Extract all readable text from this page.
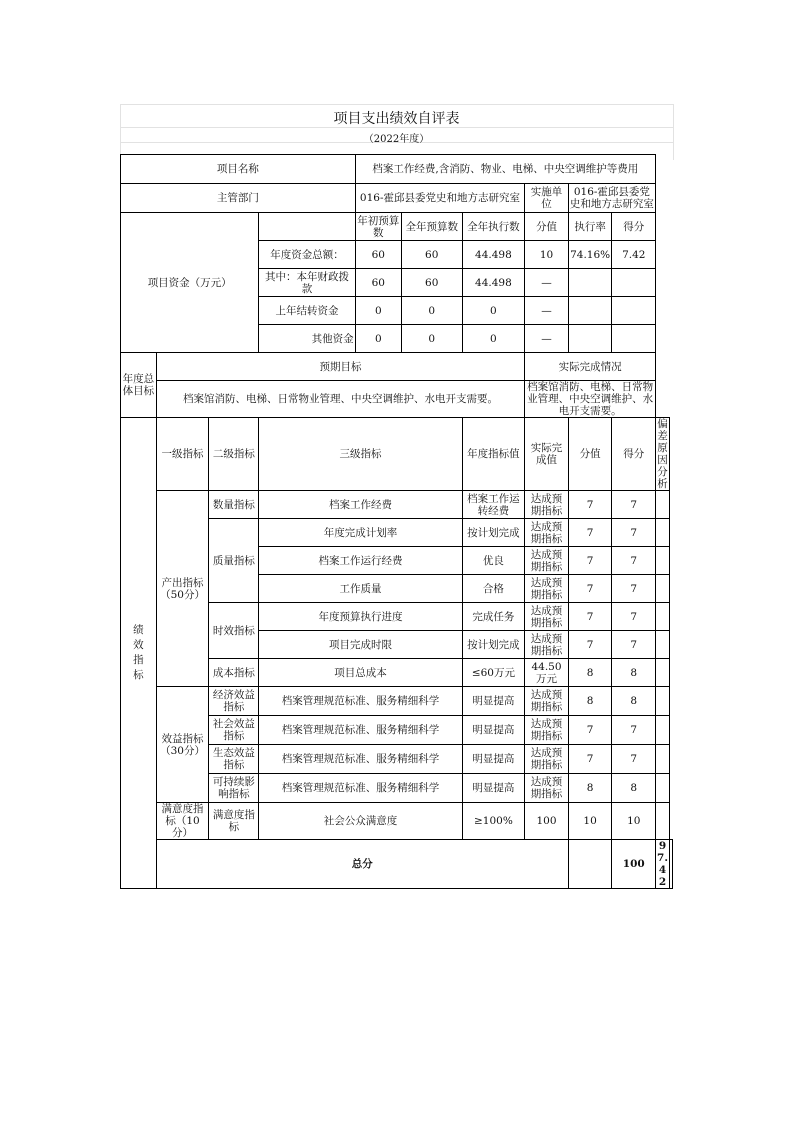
项目支出绩效自评表
（2022年度）
项目名称				档案工作经费,含消防、物业、电梯、中央空调维护等费用							
主管部门				016-霍邱县委党史和地方志研究室			实施单位	016-霍邱县委党史和地方志研究室			
项目资金（万元）				年初预算数	全年预算数	全年执行数	分值	执行率	得分		
			年度资金总额：	60	60	44.498	10	74.16%	7.42		
			其中：本年财政拨款	60	60	44.498	—				
			上年结转资金	0	0	0	—				
			其他资金	0	0	0	—				
年度总体目标	预期目标						实际完成情况				
	档案馆消防、电梯、日常物业管理、中央空调维护、水电开支需要。						档案馆消防、电梯、日常物业管理、中央空调维护、水电开支需要。				
绩效指标	一级指标	二级指标	三级指标			年度指标值	实际完成值	分值	得分	偏差原因分析	
	产出指标（50分）	数量指标	档案工作经费			档案工作运转经费	达成预期指标	7	7		
		质量指标	年度完成计划率			按计划完成	达成预期指标	7	7		
			档案工作运行经费			优良	达成预期指标	7	7		
			工作质量			合格	达成预期指标	7	7		
		时效指标	年度预算执行进度			完成任务	达成预期指标	7	7		
			项目完成时限			按计划完成	达成预期指标	7	7		
		成本指标	项目总成本			≤60万元	44.50万元	8	8		
	效益指标（30分）	经济效益指标	档案管理规范标准、服务精细科学			明显提高	达成预期指标	8	8		
		社会效益指标	档案管理规范标准、服务精细科学			明显提高	达成预期指标	7	7		
		生态效益指标	档案管理规范标准、服务精细科学			明显提高	达成预期指标	7	7		
		可持续影响指标	档案管理规范标准、服务精细科学			明显提高	达成预期指标	8	8		
	满意度指标（10分）	满意度指标	社会公众满意度			≥100%	100	10	10		
	总分								100	97.42	
